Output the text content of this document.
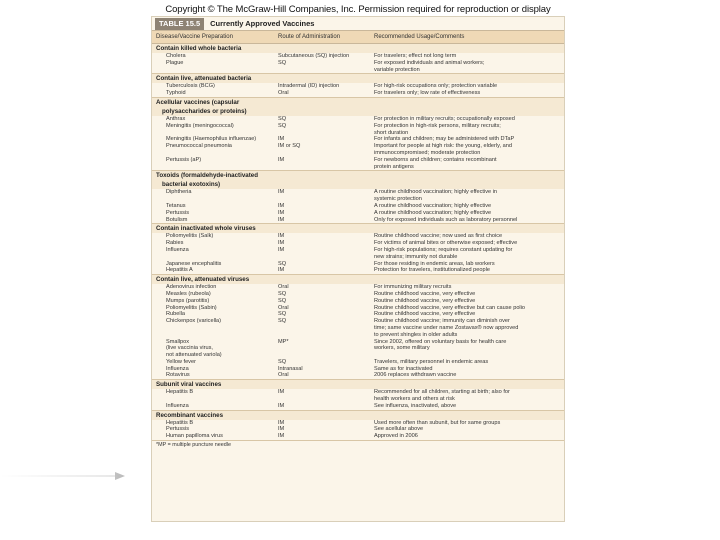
Copyright © The McGraw-Hill Companies, Inc. Permission required for reproduction or display
TABLE 15.5	Currently Approved Vaccines
Disease/Vaccine Preparation	Route of Administration	Recommended Usage/Comments
Contain killed whole bacteria
Cholera	Subcutaneous (SQ) injection	For travelers; effect not long term
Plague	SQ	For exposed individuals and animal workers;
variable protection
Contain live, attenuated bacteria
Tuberculosis (BCG)	Intradermal (ID) injection	For high-risk occupations only; protection variable
Typhoid	Oral	For travelers only; low rate of effectiveness
Acellular vaccines (capsular
polysaccharides or proteins)
Anthrax	SQ	For protection in military recruits; occupationally exposed
Meningitis (meningococcal)	SQ	For protection in high-risk persons, military recruits;
short duration
Meningitis (Haemophilus influenzae)	IM	For infants and children; may be administered with DTaP
Pneumococcal pneumonia	IM or SQ	Important for people at high risk: the young, elderly, and
immunocompromised; moderate protection
Pertussis (aP)	IM	For newborns and children; contains recombinant
protein antigens
Toxoids (formaldehyde-inactivated
bacterial exotoxins)
Diphtheria	IM	A routine childhood vaccination; highly effective in
systemic protection
Tetanus	IM	A routine childhood vaccination; highly effective
Pertussis	IM	A routine childhood vaccination; highly effective
Botulism	IM	Only for exposed individuals such as laboratory personnel
Contain inactivated whole viruses
Poliomyelitis (Salk)	IM	Routine childhood vaccine; now used as first choice
Rabies	IM	For victims of animal bites or otherwise exposed; effective
Influenza	IM	For high-risk populations; requires constant updating for
new strains; immunity not durable
Japanese encephalitis	SQ	For those residing in endemic areas, lab workers
Hepatitis A	IM	Protection for travelers, institutionalized people
Contain live, attenuated viruses
Adenovirus infection	Oral	For immunizing military recruits
Measles (rubeola)	SQ	Routine childhood vaccine, very effective
Mumps (parotitis)	SQ	Routine childhood vaccine, very effective
Poliomyelitis (Sabin)	Oral	Routine childhood vaccine, very effective but can cause polio
Rubella	SQ	Routine childhood vaccine, very effective
Chickenpox (varicella)	SQ	Routine childhood vaccine; immunity can diminish over
time; same vaccine under name Zostavax® now approved
to prevent shingles in older adults
Smallpox	MP*	Since 2002, offered on voluntary basis for health care
(live vaccinia virus,	workers, some military
not attenuated variola)
Yellow fever	SQ	Travelers, military personnel in endemic areas
Influenza	Intranasal	Same as for inactivated
Rotavirus	Oral	2006 replaces withdrawn vaccine
Subunit viral vaccines
Hepatitis B	IM	Recommended for all children, starting at birth; also for
health workers and others at risk
Influenza	IM	See influenza, inactivated, above
Recombinant vaccines
Hepatitis B	IM	Used more often than subunit, but for same groups
Pertussis	IM	See acellular above
Human papilloma virus	IM	Approved in 2006
*MP = multiple puncture needle
